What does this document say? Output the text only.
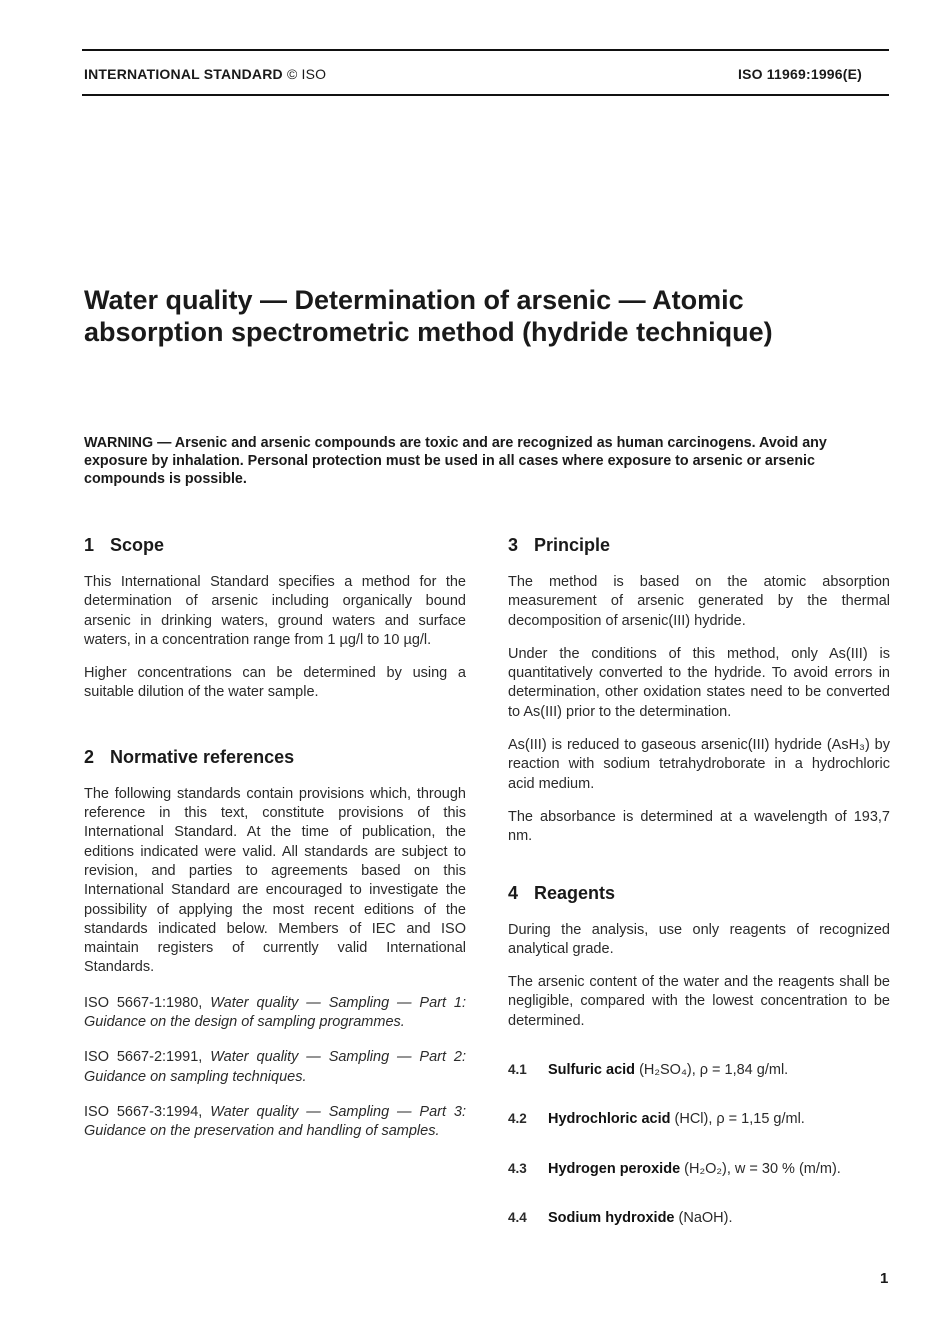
INTERNATIONAL STANDARD © ISO	ISO 11969:1996(E)
Water quality — Determination of arsenic — Atomic absorption spectrometric method (hydride technique)
WARNING — Arsenic and arsenic compounds are toxic and are recognized as human carcinogens. Avoid any exposure by inhalation. Personal protection must be used in all cases where exposure to arsenic or arsenic compounds is possible.
1 Scope

This International Standard specifies a method for the determination of arsenic including organically bound arsenic in drinking waters, ground waters and surface waters, in a concentration range from 1 µg/l to 10 µg/l.

Higher concentrations can be determined by using a suitable dilution of the water sample.

2 Normative references

The following standards contain provisions which, through reference in this text, constitute provisions of this International Standard. At the time of publication, the editions indicated were valid. All standards are subject to revision, and parties to agreements based on this International Standard are encouraged to investigate the possibility of applying the most recent editions of the standards indicated below. Members of IEC and ISO maintain registers of currently valid International Standards.

ISO 5667-1:1980, Water quality — Sampling — Part 1: Guidance on the design of sampling programmes.
ISO 5667-2:1991, Water quality — Sampling — Part 2: Guidance on sampling techniques.
ISO 5667-3:1994, Water quality — Sampling — Part 3: Guidance on the preservation and handling of samples.
3 Principle

The method is based on the atomic absorption measurement of arsenic generated by the thermal decomposition of arsenic(III) hydride.

Under the conditions of this method, only As(III) is quantitatively converted to the hydride. To avoid errors in determination, other oxidation states need to be converted to As(III) prior to the determination.

As(III) is reduced to gaseous arsenic(III) hydride (AsH₃) by reaction with sodium tetrahydroborate in a hydrochloric acid medium.

The absorbance is determined at a wavelength of 193,7 nm.

4 Reagents

During the analysis, use only reagents of recognized analytical grade.

The arsenic content of the water and the reagents shall be negligible, compared with the lowest concentration to be determined.

4.1 Sulfuric acid (H₂SO₄), ρ = 1,84 g/ml.
4.2 Hydrochloric acid (HCl), ρ = 1,15 g/ml.
4.3 Hydrogen peroxide (H₂O₂), w = 30 % (m/m).
4.4 Sodium hydroxide (NaOH).
1
